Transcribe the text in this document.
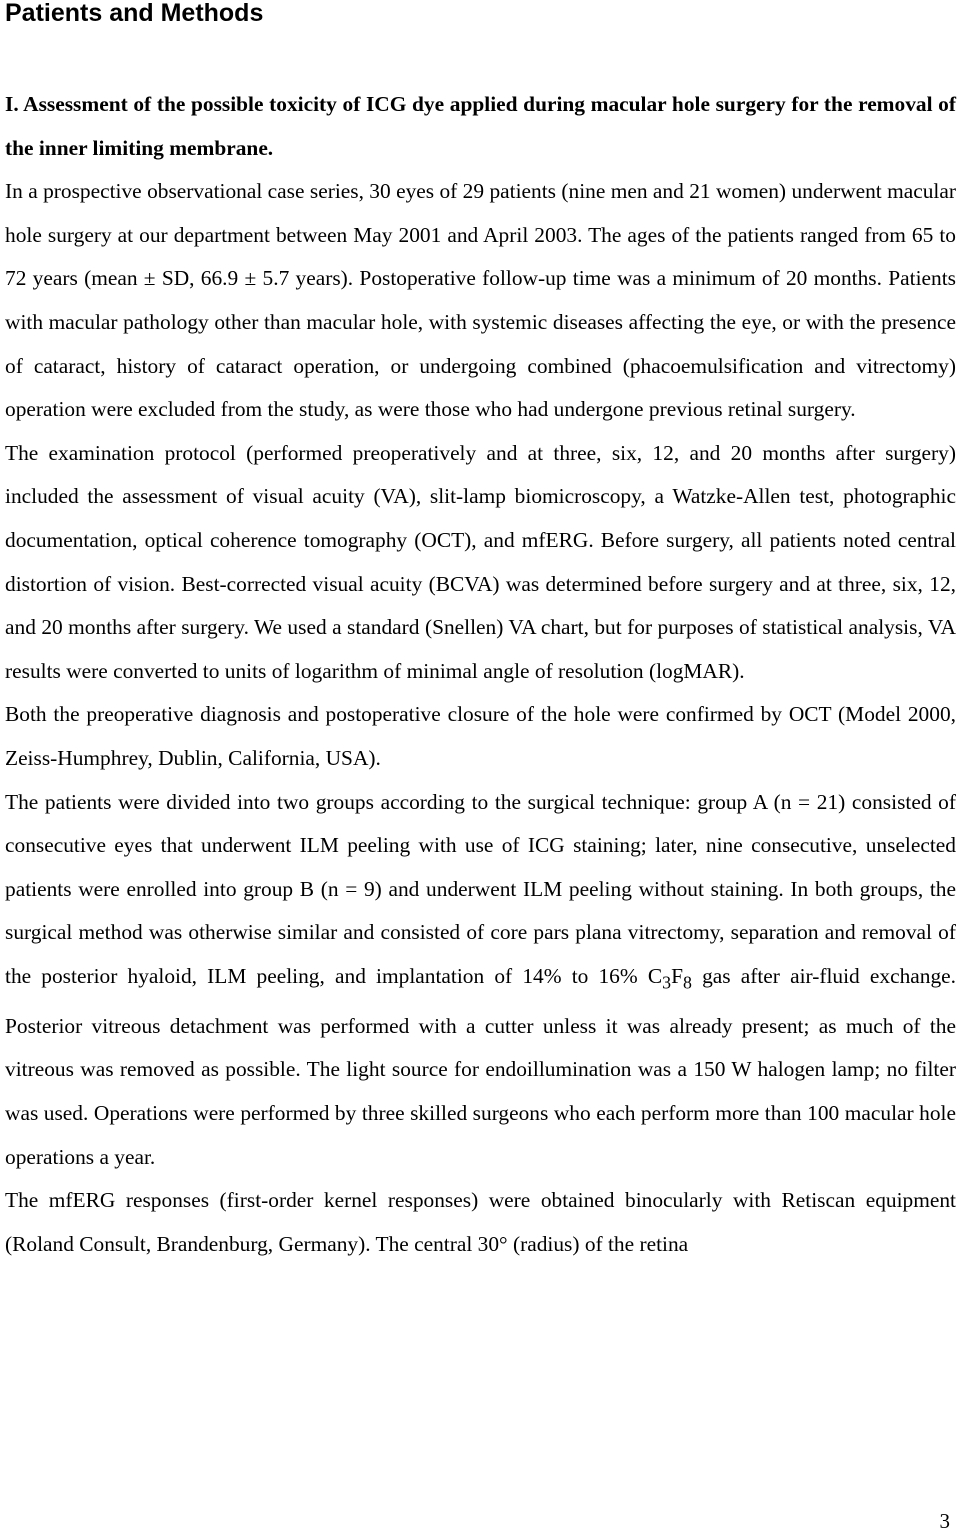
Patients and Methods

I. Assessment of the possible toxicity of ICG dye applied during macular hole surgery for the removal of the inner limiting membrane.

In a prospective observational case series, 30 eyes of 29 patients (nine men and 21 women) underwent macular hole surgery at our department between May 2001 and April 2003. The ages of the patients ranged from 65 to 72 years (mean ± SD, 66.9 ± 5.7 years). Postoperative follow-up time was a minimum of 20 months. Patients with macular pathology other than macular hole, with systemic diseases affecting the eye, or with the presence of cataract, history of cataract operation, or undergoing combined (phacoemulsification and vitrectomy) operation were excluded from the study, as were those who had undergone previous retinal surgery.

The examination protocol (performed preoperatively and at three, six, 12, and 20 months after surgery) included the assessment of visual acuity (VA), slit-lamp biomicroscopy, a Watzke-Allen test, photographic documentation, optical coherence tomography (OCT), and mfERG. Before surgery, all patients noted central distortion of vision. Best-corrected visual acuity (BCVA) was determined before surgery and at three, six, 12, and 20 months after surgery. We used a standard (Snellen) VA chart, but for purposes of statistical analysis, VA results were converted to units of logarithm of minimal angle of resolution (logMAR).

Both the preoperative diagnosis and postoperative closure of the hole were confirmed by OCT (Model 2000, Zeiss-Humphrey, Dublin, California, USA).

The patients were divided into two groups according to the surgical technique: group A (n = 21) consisted of consecutive eyes that underwent ILM peeling with use of ICG staining; later, nine consecutive, unselected patients were enrolled into group B (n = 9) and underwent ILM peeling without staining. In both groups, the surgical method was otherwise similar and consisted of core pars plana vitrectomy, separation and removal of the posterior hyaloid, ILM peeling, and implantation of 14% to 16% $C_3F_8$ gas after air-fluid exchange. Posterior vitreous detachment was performed with a cutter unless it was already present; as much of the vitreous was removed as possible. The light source for endoillumination was a 150 W halogen lamp; no filter was used. Operations were performed by three skilled surgeons who each perform more than 100 macular hole operations a year.

The mfERG responses (first-order kernel responses) were obtained binocularly with Retiscan equipment (Roland Consult, Brandenburg, Germany). The central 30° (radius) of the retina

3
